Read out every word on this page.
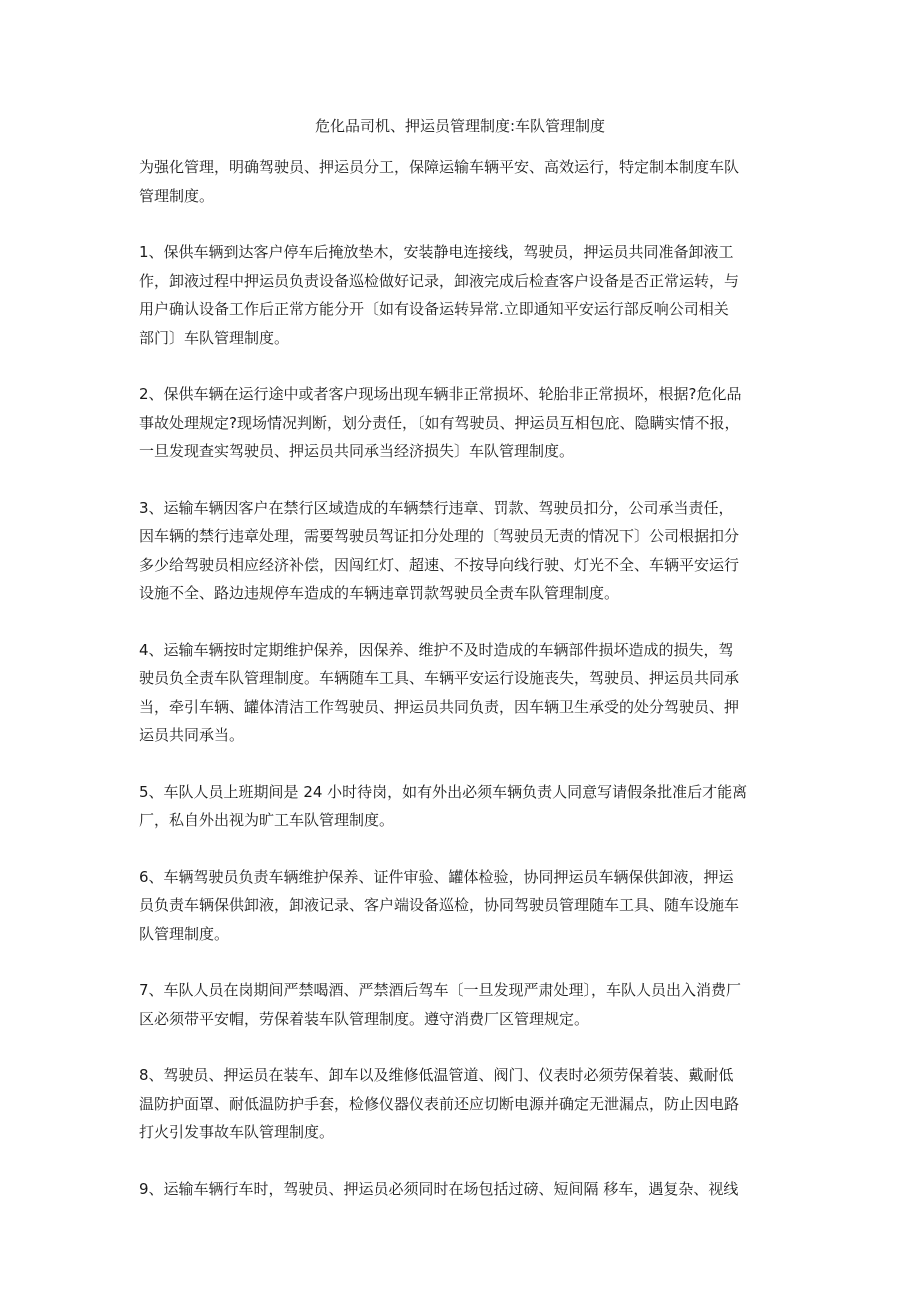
危化品司机、押运员管理制度:车队管理制度

为强化管理，明确驾驶员、押运员分工，保障运输车辆平安、高效运行，特定制本制度车队
管理制度。

1、保供车辆到达客户停车后掩放垫木，安装静电连接线，驾驶员，押运员共同准备卸液工
作，卸液过程中押运员负责设备巡检做好记录，卸液完成后检查客户设备是否正常运转，与
用户确认设备工作后正常方能分开〔如有设备运转异常.立即通知平安运行部反响公司相关
部门〕车队管理制度。

2、保供车辆在运行途中或者客户现场出现车辆非正常损坏、轮胎非正常损坏，根据?危化品
事故处理规定?现场情况判断，划分责任，〔如有驾驶员、押运员互相包庇、隐瞒实情不报，
一旦发现查实驾驶员、押运员共同承当经济损失〕车队管理制度。

3、运输车辆因客户在禁行区域造成的车辆禁行违章、罚款、驾驶员扣分，公司承当责任，
因车辆的禁行违章处理，需要驾驶员驾证扣分处理的〔驾驶员无责的情况下〕公司根据扣分
多少给驾驶员相应经济补偿，因闯红灯、超速、不按导向线行驶、灯光不全、车辆平安运行
设施不全、路边违规停车造成的车辆违章罚款驾驶员全责车队管理制度。

4、运输车辆按时定期维护保养，因保养、维护不及时造成的车辆部件损坏造成的损失，驾
驶员负全责车队管理制度。车辆随车工具、车辆平安运行设施丧失，驾驶员、押运员共同承
当，牵引车辆、罐体清洁工作驾驶员、押运员共同负责，因车辆卫生承受的处分驾驶员、押
运员共同承当。

5、车队人员上班期间是 24 小时待岗，如有外出必须车辆负责人同意写请假条批准后才能离
厂，私自外出视为旷工车队管理制度。

6、车辆驾驶员负责车辆维护保养、证件审验、罐体检验，协同押运员车辆保供卸液，押运
员负责车辆保供卸液，卸液记录、客户端设备巡检，协同驾驶员管理随车工具、随车设施车
队管理制度。

7、车队人员在岗期间严禁喝酒、严禁酒后驾车〔一旦发现严肃处理〕，车队人员出入消费厂
区必须带平安帽，劳保着装车队管理制度。遵守消费厂区管理规定。

8、驾驶员、押运员在装车、卸车以及维修低温管道、阀门、仪表时必须劳保着装、戴耐低
温防护面罩、耐低温防护手套，检修仪器仪表前还应切断电源并确定无泄漏点，防止因电路
打火引发事故车队管理制度。

9、运输车辆行车时，驾驶员、押运员必须同时在场包括过磅、短间隔 移车，遇复杂、视线
